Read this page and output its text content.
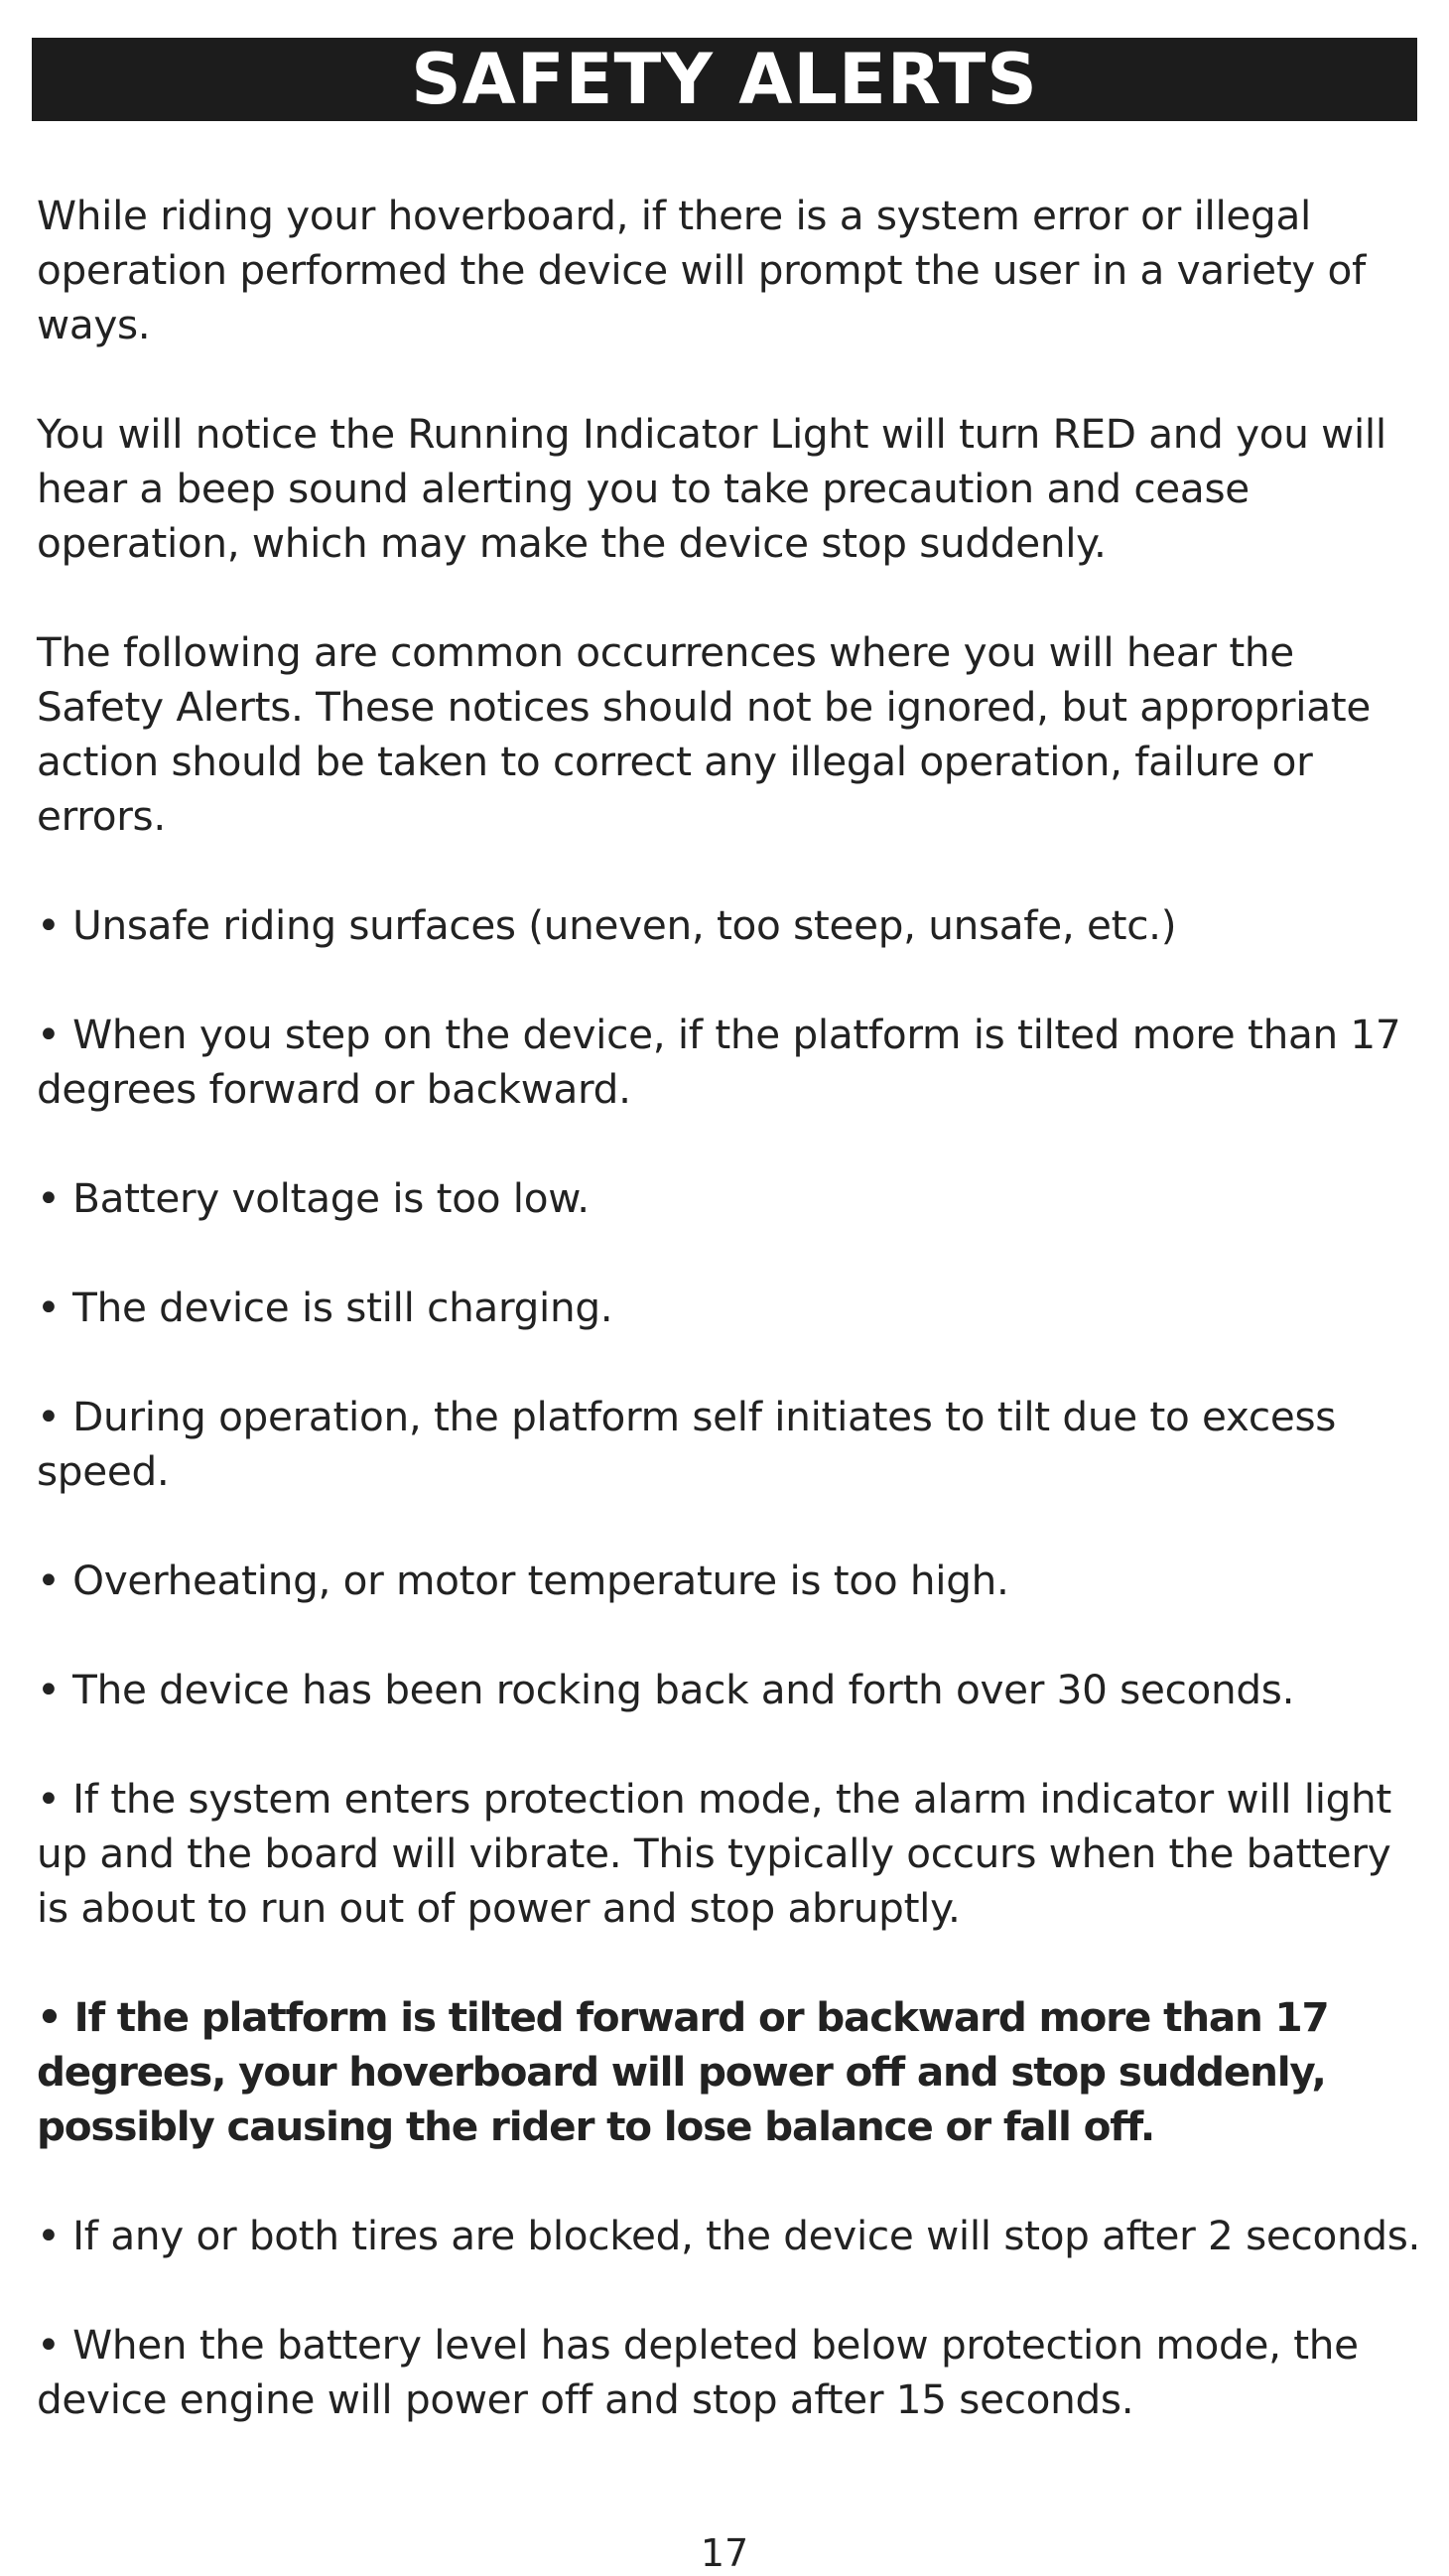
SAFETY ALERTS

While riding your hoverboard, if there is a system error or illegal operation performed the device will prompt the user in a variety of ways.

You will notice the Running Indicator Light will turn RED and you will hear a beep sound alerting you to take precaution and cease operation, which may make the device stop suddenly.

The following are common occurrences where you will hear the Safety Alerts. These notices should not be ignored, but appropriate action should be taken to correct any illegal operation, failure or errors.

• Unsafe riding surfaces (uneven, too steep, unsafe, etc.)

• When you step on the device, if the platform is tilted more than 17 degrees forward or backward.

• Battery voltage is too low.

• The device is still charging.

• During operation, the platform self initiates to tilt due to excess speed.

• Overheating, or motor temperature is too high.

• The device has been rocking back and forth over 30 seconds.

• If the system enters protection mode, the alarm indicator will light up and the board will vibrate. This typically occurs when the battery is about to run out of power and stop abruptly.

• If the platform is tilted forward or backward more than 17 degrees, your hoverboard will power off and stop suddenly, possibly causing the rider to lose balance or fall off.

• If any or both tires are blocked, the device will stop after 2 seconds.

• When the battery level has depleted below protection mode, the device engine will power off and stop after 15 seconds.

17
